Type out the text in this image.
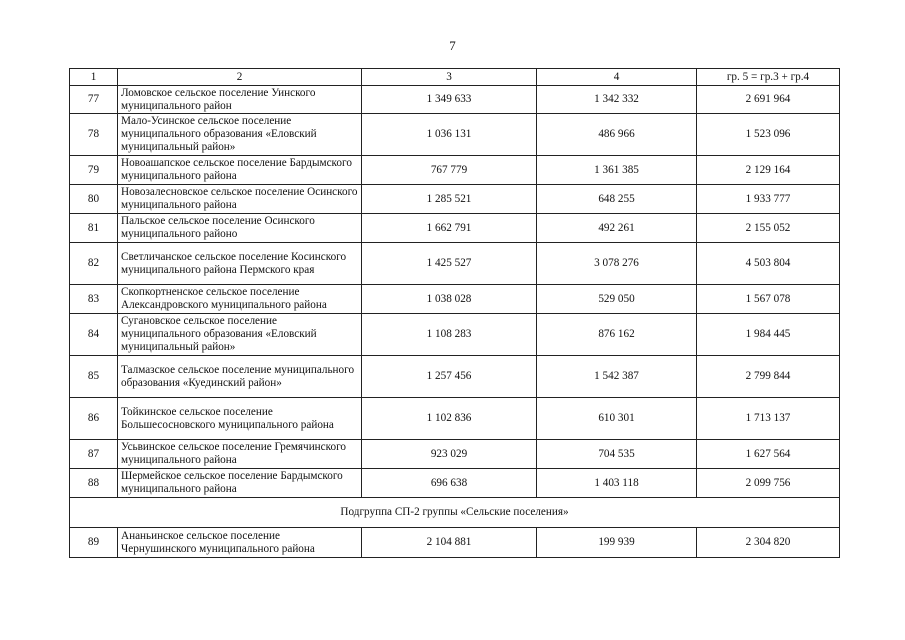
7
1	2	3	4	гр. 5 = гр.3 + гр.4
77	Ломовское сельское поселение Уинского муниципального район	1 349 633	1 342 332	2 691 964
78	Мало-Усинское сельское поселение муниципального образования «Еловский муниципальный район»	1 036 131	486 966	1 523 096
79	Новоашапское сельское поселение Бардымского муниципального района	767 779	1 361 385	2 129 164
80	Новозалесновское сельское поселение Осинского муниципального района	1 285 521	648 255	1 933 777
81	Пальское сельское поселение Осинского муниципального районо	1 662 791	492 261	2 155 052
82	Светличанское сельское поселение Косинского муниципального района Пермского края	1 425 527	3 078 276	4 503 804
83	Скопкортненское сельское поселение Александровского муниципального района	1 038 028	529 050	1 567 078
84	Сугановское сельское поселение муниципального образования «Еловский муниципальный район»	1 108 283	876 162	1 984 445
85	Талмазское сельское поселение муниципального образования «Куединский район»	1 257 456	1 542 387	2 799 844
86	Тойкинское сельское поселение Большесосновского муниципального района	1 102 836	610 301	1 713 137
87	Усьвинское сельское поселение Гремячинского муниципального района	923 029	704 535	1 627 564
88	Шермейское сельское поселение Бардымского муниципального района	696 638	1 403 118	2 099 756
Подгруппа СП-2 группы «Сельские поселения»				
89	Ананьинское сельское поселение Чернушинского муниципального района	2 104 881	199 939	2 304 820
